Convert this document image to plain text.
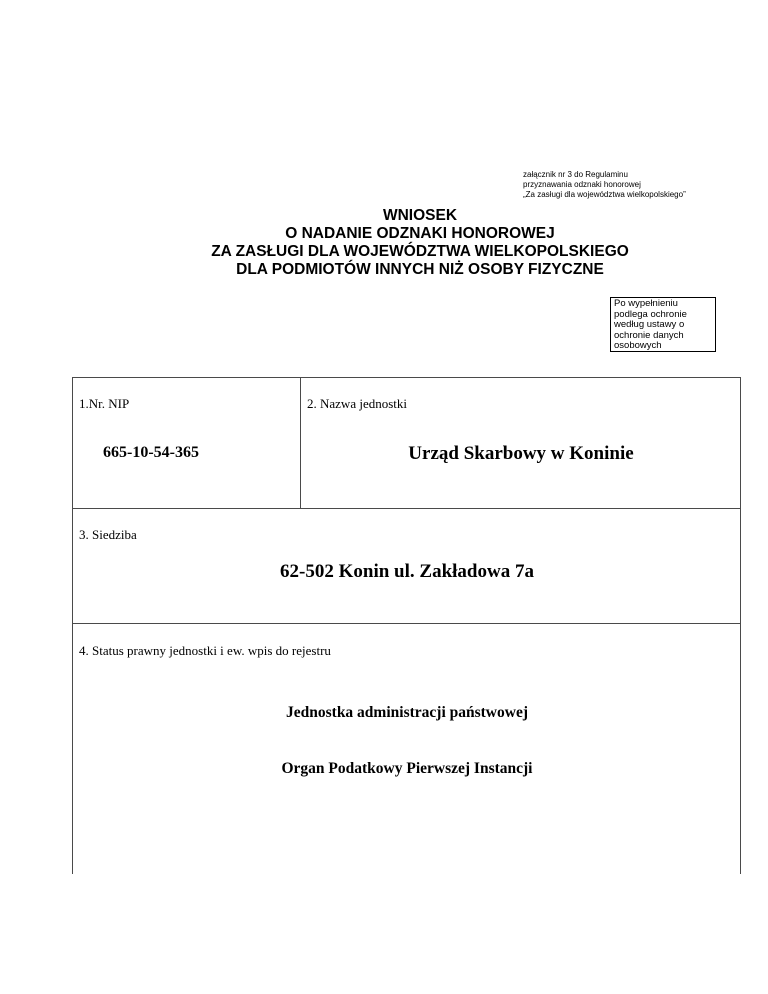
załącznik nr 3 do Regulaminu
przyznawania odznaki honorowej
„Za zasługi dla województwa wielkopolskiego”
WNIOSEK
O NADANIE ODZNAKI HONOROWEJ
ZA ZASŁUGI DLA WOJEWÓDZTWA WIELKOPOLSKIEGO
DLA PODMIOTÓW INNYCH NIŻ OSOBY FIZYCZNE
Po wypełnieniu
podlega ochronie
według ustawy o
ochronie danych
osobowych
1.Nr. NIP
665-10-54-365
2. Nazwa jednostki
Urząd Skarbowy w Koninie
3. Siedziba
62-502 Konin ul. Zakładowa 7a
4. Status prawny jednostki i ew. wpis do rejestru
Jednostka administracji państwowej
Organ Podatkowy Pierwszej Instancji
